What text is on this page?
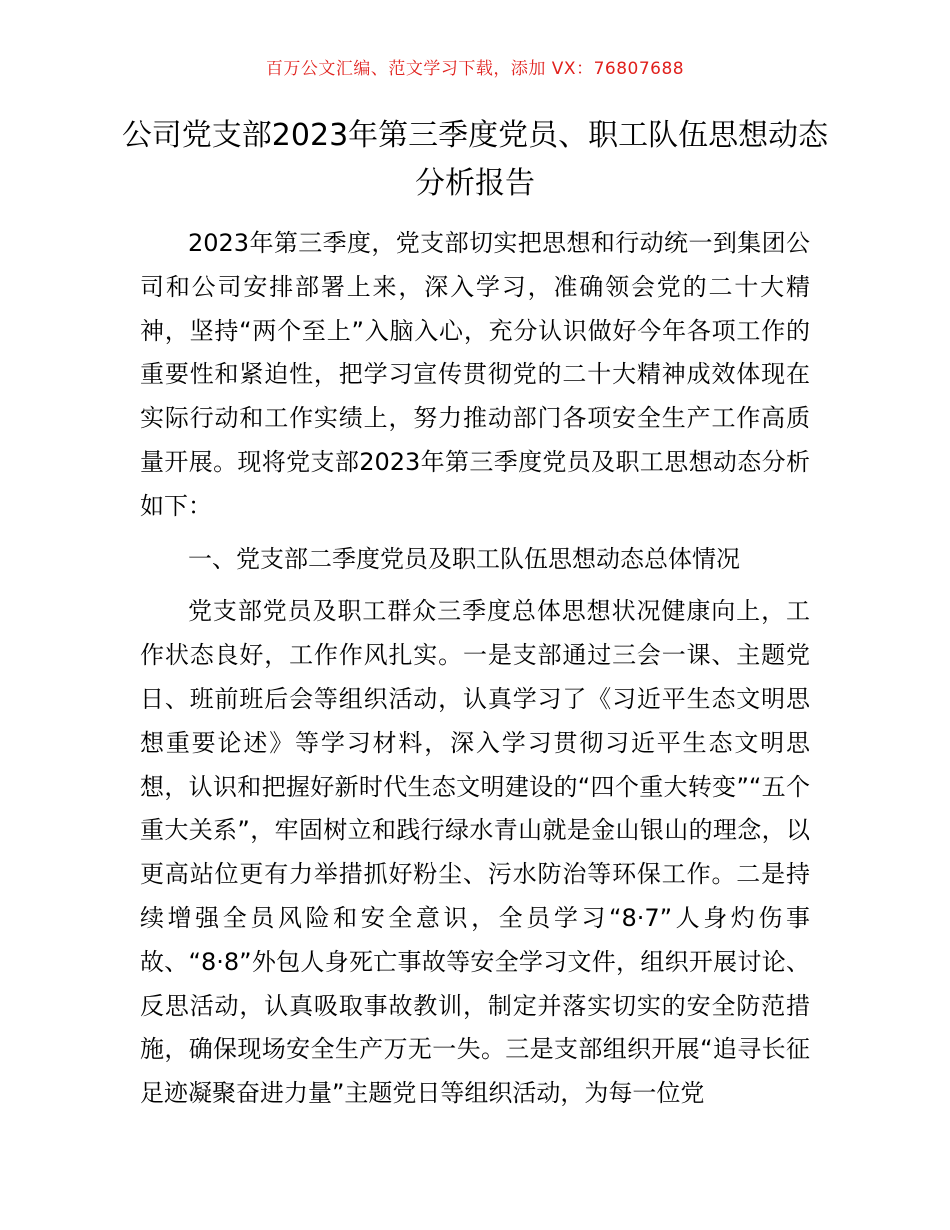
百万公文汇编、范文学习下载，添加 VX：76807688
公司党支部2023年第三季度党员、职工队伍思想动态分析报告

2023年第三季度，党支部切实把思想和行动统一到集团公司和公司安排部署上来，深入学习，准确领会党的二十大精神，坚持“两个至上”入脑入心，充分认识做好今年各项工作的重要性和紧迫性，把学习宣传贯彻党的二十大精神成效体现在实际行动和工作实绩上，努力推动部门各项安全生产工作高质量开展。现将党支部2023年第三季度党员及职工思想动态分析如下：

一、党支部二季度党员及职工队伍思想动态总体情况

党支部党员及职工群众三季度总体思想状况健康向上，工作状态良好，工作作风扎实。一是支部通过三会一课、主题党日、班前班后会等组织活动，认真学习了《习近平生态文明思想重要论述》等学习材料，深入学习贯彻习近平生态文明思想，认识和把握好新时代生态文明建设的“四个重大转变”“五个重大关系”，牢固树立和践行绿水青山就是金山银山的理念，以更高站位更有力举措抓好粉尘、污水防治等环保工作。二是持续增强全员风险和安全意识，全员学习“8·7”人身灼伤事故、“8·8”外包人身死亡事故等安全学习文件，组织开展讨论、反思活动，认真吸取事故教训，制定并落实切实的安全防范措施，确保现场安全生产万无一失。三是支部组织开展“追寻长征足迹凝聚奋进力量”主题党日等组织活动，为每一位党
